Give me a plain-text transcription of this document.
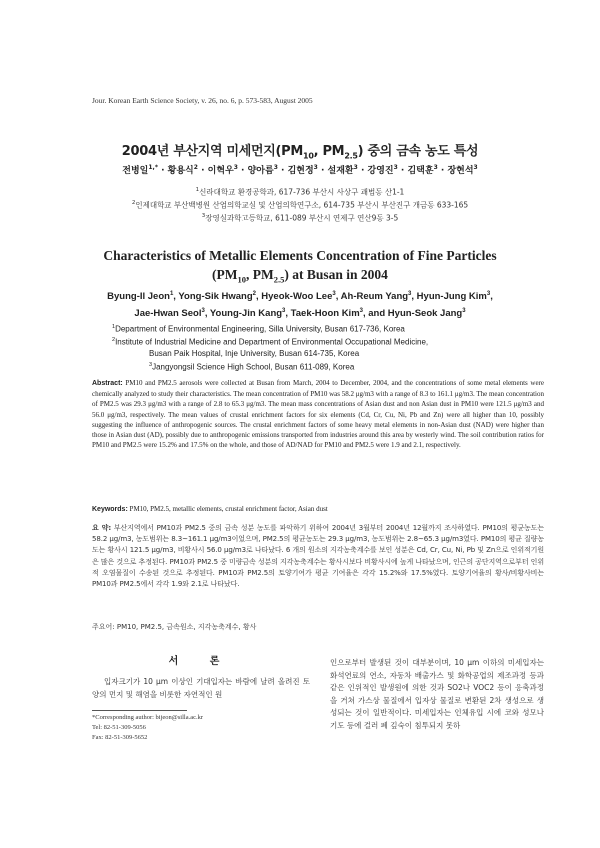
Jour. Korean Earth Science Society, v. 26, no. 6, p. 573-583, August 2005
2004년 부산지역 미세먼지($PM_{10}$, $PM_{2.5}$) 중의 금속 농도 특성
전병일$^{1,*}$ · 황용식$^2$ · 이혁우$^3$ · 양아름$^3$ · 김현정$^3$ · 설재환$^3$ · 강영진$^3$ · 김택훈$^3$ · 장현석$^3$
$^1$신라대학교 환경공학과, 617-736 부산시 사상구 괘법동 산1-1
$^2$인제대학교 부산백병원 산업의학교실 및 산업의학연구소, 614-735 부산시 부산진구 개금동 633-165
$^3$장영실과학고등학교, 611-089 부산시 연제구 연산9동 3-5
Characteristics of Metallic Elements Concentration of Fine Particles
($PM_{10}$, $PM_{2.5}$) at Busan in 2004
Byung-Il Jeon$^1$, Yong-Sik Hwang$^2$, Hyeok-Woo Lee$^3$, Ah-Reum Yang$^3$, Hyun-Jung Kim$^3$,
Jae-Hwan Seol$^3$, Young-Jin Kang$^3$, Taek-Hoon Kim$^3$, and Hyun-Seok Jang$^3$
$^1$Department of Environmental Engineering, Silla University, Busan 617-736, Korea
$^2$Institute of Industrial Medicine and Department of Environmental Occupational Medicine,
Busan Paik Hospital, Inje University, Busan 614-735, Korea
$^3$Jangyongsil Science High School, Busan 611-089, Korea
Abstract: PM10 and PM2.5 aerosols were collected at Busan from March, 2004 to December, 2004, and the concentrations of some metal elements were chemically analyzed to study their characteristics. The mean concentration of PM10 was 58.2 μg/m3 with a range of 8.3 to 161.1 μg/m3. The mean concentration of PM2.5 was 29.3 μg/m3 with a range of 2.8 to 65.3 μg/m3. The mean mass concentrations of Asian dust and non Asian dust in PM10 were 121.5 μg/m3 and 56.0 μg/m3, respectively. The mean values of crustal enrichment factors for six elements (Cd, Cr, Cu, Ni, Pb and Zn) were all higher than 10, possibly suggesting the influence of anthropogenic sources. The crustal enrichment factors of some heavy metal elements in non-Asian dust (NAD) were higher than those in Asian dust (AD), possibly due to anthropogenic emissions transported from industries around this area by westerly wind. The soil contribution ratios for PM10 and PM2.5 were 15.2% and 17.5% on the whole, and those of AD/NAD for PM10 and PM2.5 were 1.9 and 2.1, respectively.
Keywords: PM10, PM2.5, metallic elements, crustal enrichment factor, Asian dust
요 약: 부산지역에서 PM10과 PM2.5 중의 금속 성분 농도를 파악하기 위하여 2004년 3월부터 2004년 12월까지 조사하였다. PM10의 평균농도는 58.2 μg/m3, 농도범위는 8.3~161.1 μg/m3이었으며, PM2.5의 평균농도는 29.3 μg/m3, 농도범위는 2.8~65.3 μg/m3였다. PM10의 평균 질량농도는 황사시 121.5 μg/m3, 비황사시 56.0 μg/m3로 나타났다. 6 개의 원소의 지각농축계수를 보인 성분은 Cd, Cr, Cu, Ni, Pb 및 Zn으로 인위적기원은 많은 것으로 추정된다. PM10과 PM2.5 중 미량금속 성분의 지각농축계수는 황사시보다 비황사시에 높게 나타났으며, 인근의 공단지역으로부터 인위적 오염물질이 수송된 것으로 추정된다. PM10과 PM2.5의 토양기여가 평균 기여율은 각각 15.2%와 17.5%였다. 토양기여율의 황사/비황사비는 PM10과 PM2.5에서 각각 1.9와 2.1로 나타났다.
주요어: PM10, PM2.5, 금속원소, 지각농축계수, 황사
서 론
입자크기가 10 μm 이상인 기대입자는 바람에 날려 올려진 토양의 먼지 및 해염을 비롯한 자연적인 원
인으로부터 발생된 것이 대부분이며, 10 μm 이하의 미세입자는 화석연료의 연소, 자동차 배출가스 및 화학공업의 제조과정 등과 같은 인위적인 발생원에 의한 것과 SO2나 VOC2 등이 응축과정을 거쳐 가스상 물질에서 입자상 물질로 변환된 2차 생성으로 생성되는 것이 일반적이다. 미세입자는 인체유입 시에 코와 성모나 기도 등에 걸러 폐 깊숙이 침투되지 못하
*Corresponding author: bijeon@silla.ac.kr
Tel: 82-51-309-5056
Fax: 82-51-309-5652
